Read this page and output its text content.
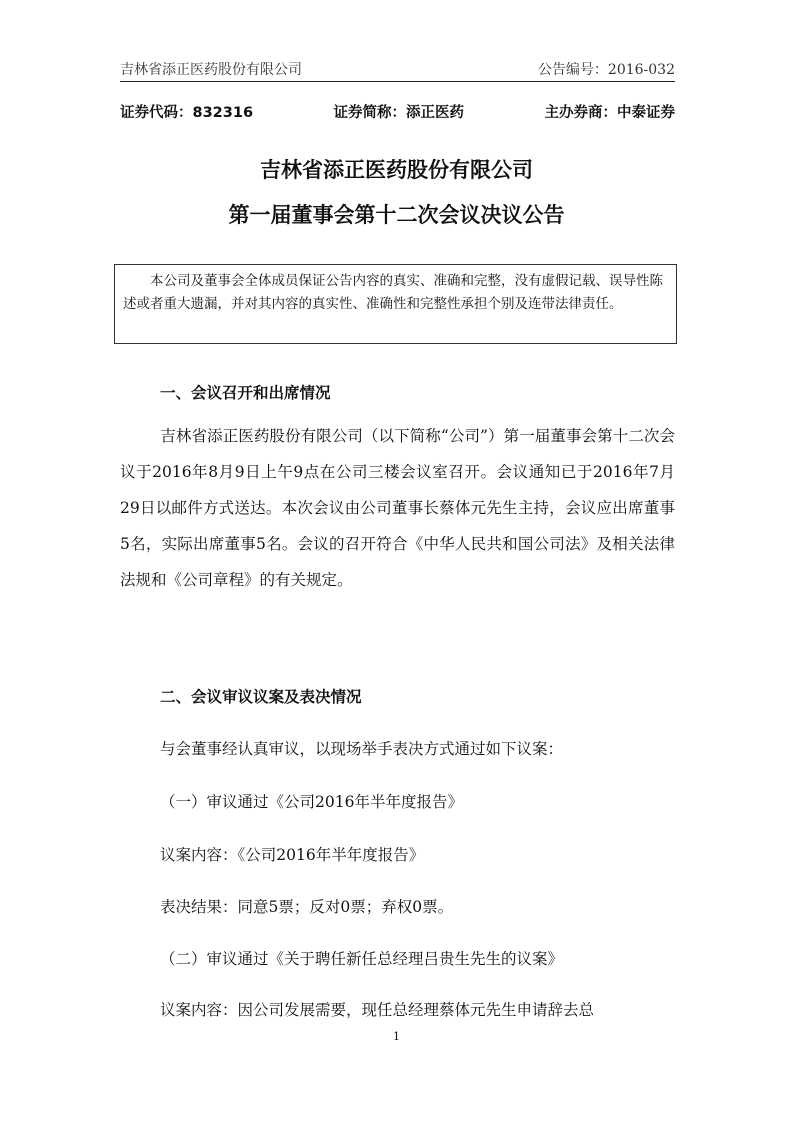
吉林省添正医药股份有限公司	公告编号：2016-032
证券代码：832316	证券简称：添正医药	主办券商：中泰证券
吉林省添正医药股份有限公司
第一届董事会第十二次会议决议公告
本公司及董事会全体成员保证公告内容的真实、准确和完整，没有虚假记载、误导性陈述或者重大遗漏，并对其内容的真实性、准确性和完整性承担个别及连带法律责任。
一、会议召开和出席情况
吉林省添正医药股份有限公司（以下简称“公司”）第一届董事会第十二次会议于2016年8月9日上午9点在公司三楼会议室召开。会议通知已于2016年7月29日以邮件方式送达。本次会议由公司董事长蔡体元先生主持，会议应出席董事5名，实际出席董事5名。会议的召开符合《中华人民共和国公司法》及相关法律法规和《公司章程》的有关规定。
二、会议审议议案及表决情况
与会董事经认真审议，以现场举手表决方式通过如下议案：
（一）审议通过《公司2016年半年度报告》
议案内容：《公司2016年半年度报告》
表决结果：同意5票；反对0票；弃权0票。
（二）审议通过《关于聘任新任总经理吕贵生先生的议案》
议案内容：因公司发展需要，现任总经理蔡体元先生申请辞去总
1
